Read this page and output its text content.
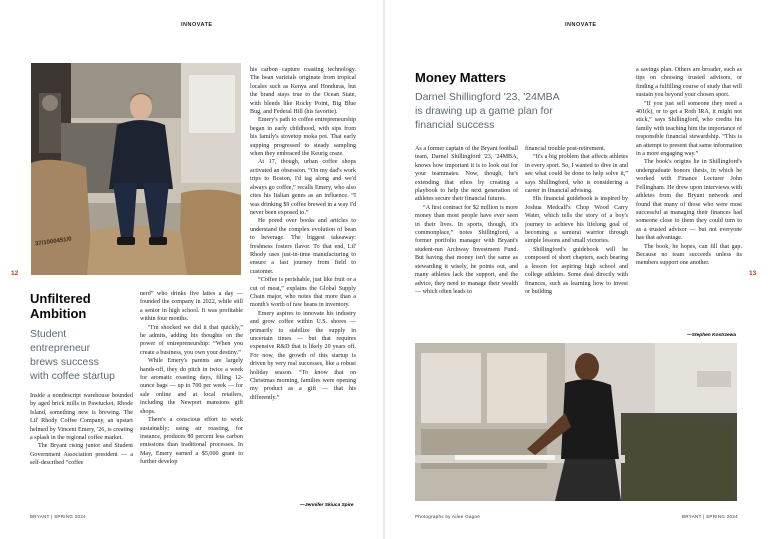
INNOVATE
37/1000451/0
12
Unfiltered
Ambition
Student
entrepreneur
brews success
with coffee startup

Inside a nondescript warehouse bounded by aged brick mills in Pawtucket, Rhode Island, something new is brewing. The Lil' Rhody Coffee Company, an upstart helmed by Vincent Emery, '26, is creating a splash in the regional coffee market.

The Bryant rising junior and Student Government Association president — a self-described “coffee

nerd” who drinks five lattes a day — founded the company in 2022, while still a senior in high school. It was profitable within four months.

“I'm shocked we did it that quickly,” he admits, adding his thoughts on the power of entrepreneurship: “When you create a business, you own your destiny.”

While Emery's parents are largely hands-off, they do pitch in twice a week for aromatic roasting days, filling 12-ounce bags — up to 700 per week — for sale online and at local retailers, including the Newport mansions gift shops.

There's a conscious effort to work sustainably; using air roasting, for instance, produces 80 percent less carbon emissions than traditional processes. In May, Emery earned a $5,000 grant to further develop

his carbon capture roasting technology. The bean varietals originate from tropical locales such as Kenya and Honduras, but the brand stays true to the Ocean State, with blends like Rocky Point, Big Blue Bug, and Federal Hill (his favorite).

Emery's path to coffee entrepreneurship began in early childhood, with sips from his family's stovetop moka pot. That early supping progressed to steady sampling when they embraced the Keurig craze.

At 17, though, urban coffee shops activated an obsession. “On my dad's work trips to Boston, I'd tag along and we'd always go coffee,” recalls Emery, who also cites his Italian genes as an influence. “I was drinking $9 coffee brewed in a way I'd never been exposed to.”

He pored over books and articles to understand the complex evolution of bean to beverage. The biggest takeaway: freshness fosters flavor. To that end, Lil' Rhody uses just-in-time manufacturing to ensure a fast journey from field to customer.

“Coffee is perishable, just like fruit or a cut of meat,” explains the Global Supply Chain major, who notes that more than a month's worth of raw beans in inventory.

Emery aspires to innovate his industry and grow coffee within U.S. shores — primarily to stabilize the supply in uncertain times — but that requires expensive R&D that is likely 20 years off. For now, the growth of this startup is driven by very real successes, like a robust holiday season. “To know that on Christmas morning, families were opening my product as a gift — that his differently.”

—Jennifer Skiuca Spire
BRYANT | SPRING 2024
INNOVATE
Money Matters
Darnel Shillingford '23, '24MBA
is drawing up a game plan for
financial success

As a former captain of the Bryant football team, Darnel Shillingford '23, '24MBA, knows how important it is to look out for your teammates. Now, though, he's extending that ethos by creating a playbook to help the next generation of athletes secure their financial futures.

“A first contract for $2 million is more money than most people have ever seen in their lives. In sports, though, it's commonplace,” notes Shillingford, a former portfolio manager with Bryant's student-run Archway Investment Fund. But having that money isn't the same as stewarding it wisely, he points out, and many athletes lack the support, and the advice, they need to manage their wealth — which often leads to

financial trouble post-retirement.

“It's a big problem that affects athletes in every sport. So, I wanted to dive in and see what could be done to help solve it,” says Shillingford, who is considering a career in financial advising.

His financial guidebook is inspired by Joshua Medcalf's Chop Wood Carry Water, which tells the story of a boy's journey to achieve his lifelong goal of becoming a samurai warrior through simple lessons and small victories.

Shillingford's guidebook will be composed of short chapters, each bearing a lesson for aspiring high school and college athletes. Some deal directly with finances, such as learning how to invest or building

a savings plan. Others are broader, such as tips on choosing trusted advisors, or finding a fulfilling course of study that will sustain you beyond your chosen sport.

“If you just sell someone they need a 401(k), or to get a Roth IRA, it might not stick,” says Shillingford, who credits his family with teaching him the importance of responsible financial stewardship. “This is an attempt to present that same information in a more engaging way.”

The book's origins lie in Shillingford's undergraduate honors thesis, in which he worked with Finance Lecturer John Fellingham. He drew upon interviews with athletes from the Bryant network and found that many of those who were most successful at managing their finances had someone close to them they could turn to as a trusted advisor — but not everyone has that advantage.

The book, he hopes, can fill that gap. Because no team succeeds unless its members support one another.

—Stephen Kostrzewa
13
Photographs by Ailee Gagne	BRYANT | SPRING 2024
